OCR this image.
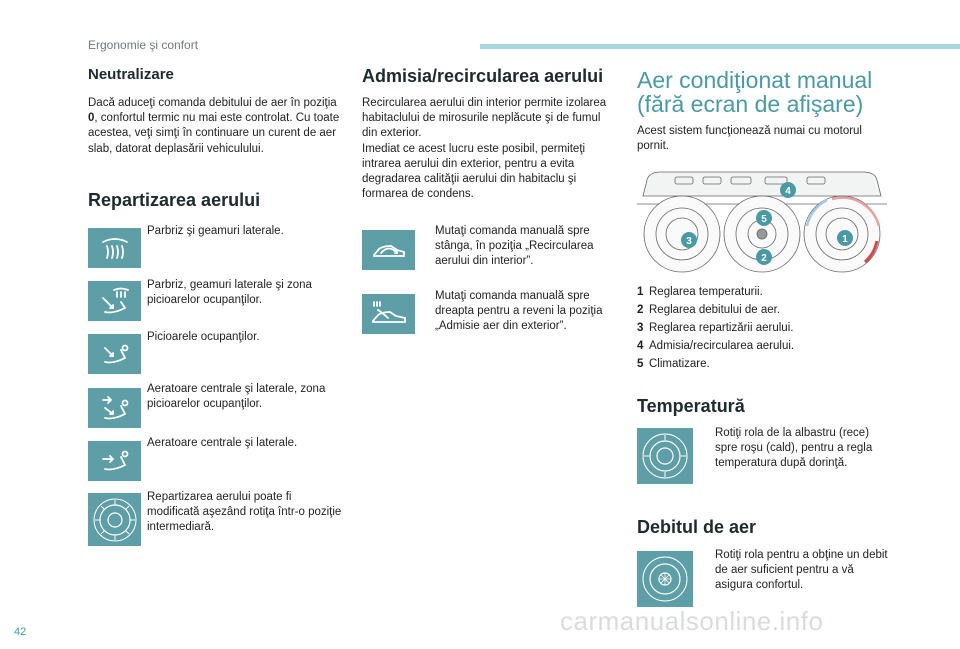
Ergonomie şi confort
Neutralizare
Dacă aduceţi comanda debitului de aer în poziţia 0, confortul termic nu mai este controlat. Cu toate acestea, veţi simţi în continuare un curent de aer slab, datorat deplasării vehiculului.
Repartizarea aerului
Parbriz şi geamuri laterale.
Parbriz, geamuri laterale şi zona picioarelor ocupanţilor.
Picioarele ocupanţilor.
Aeratoare centrale şi laterale, zona picioarelor ocupanţilor.
Aeratoare centrale şi laterale.
Repartizarea aerului poate fi modificată aşezând rotiţa într-o poziţie intermediară.
Admisia/recircularea aerului
Recircularea aerului din interior permite izolarea habitaclului de mirosurile neplăcute şi de fumul din exterior.
Imediat ce acest lucru este posibil, permiteţi intrarea aerului din exterior, pentru a evita degradarea calităţii aerului din habitaclu şi formarea de condens.
Mutaţi comanda manuală spre stânga, în poziţia „Recircularea aerului din interior”.
Mutaţi comanda manuală spre dreapta pentru a reveni la poziţia „Admisie aer din exterior”.
Aer condiţionat manual
(fără ecran de afişare)
Acest sistem funcţionează numai cu motorul pornit.
1
2
3
4
5
1 Reglarea temperaturii.
2 Reglarea debitului de aer.
3 Reglarea repartizării aerului.
4 Admisia/recircularea aerului.
5 Climatizare.
Temperatură
Rotiţi rola de la albastru (rece) spre roşu (cald), pentru a regla temperatura după dorinţă.
Debitul de aer
Rotiţi rola pentru a obţine un debit de aer suficient pentru a vă asigura confortul.
42	carmanualsonline.info
